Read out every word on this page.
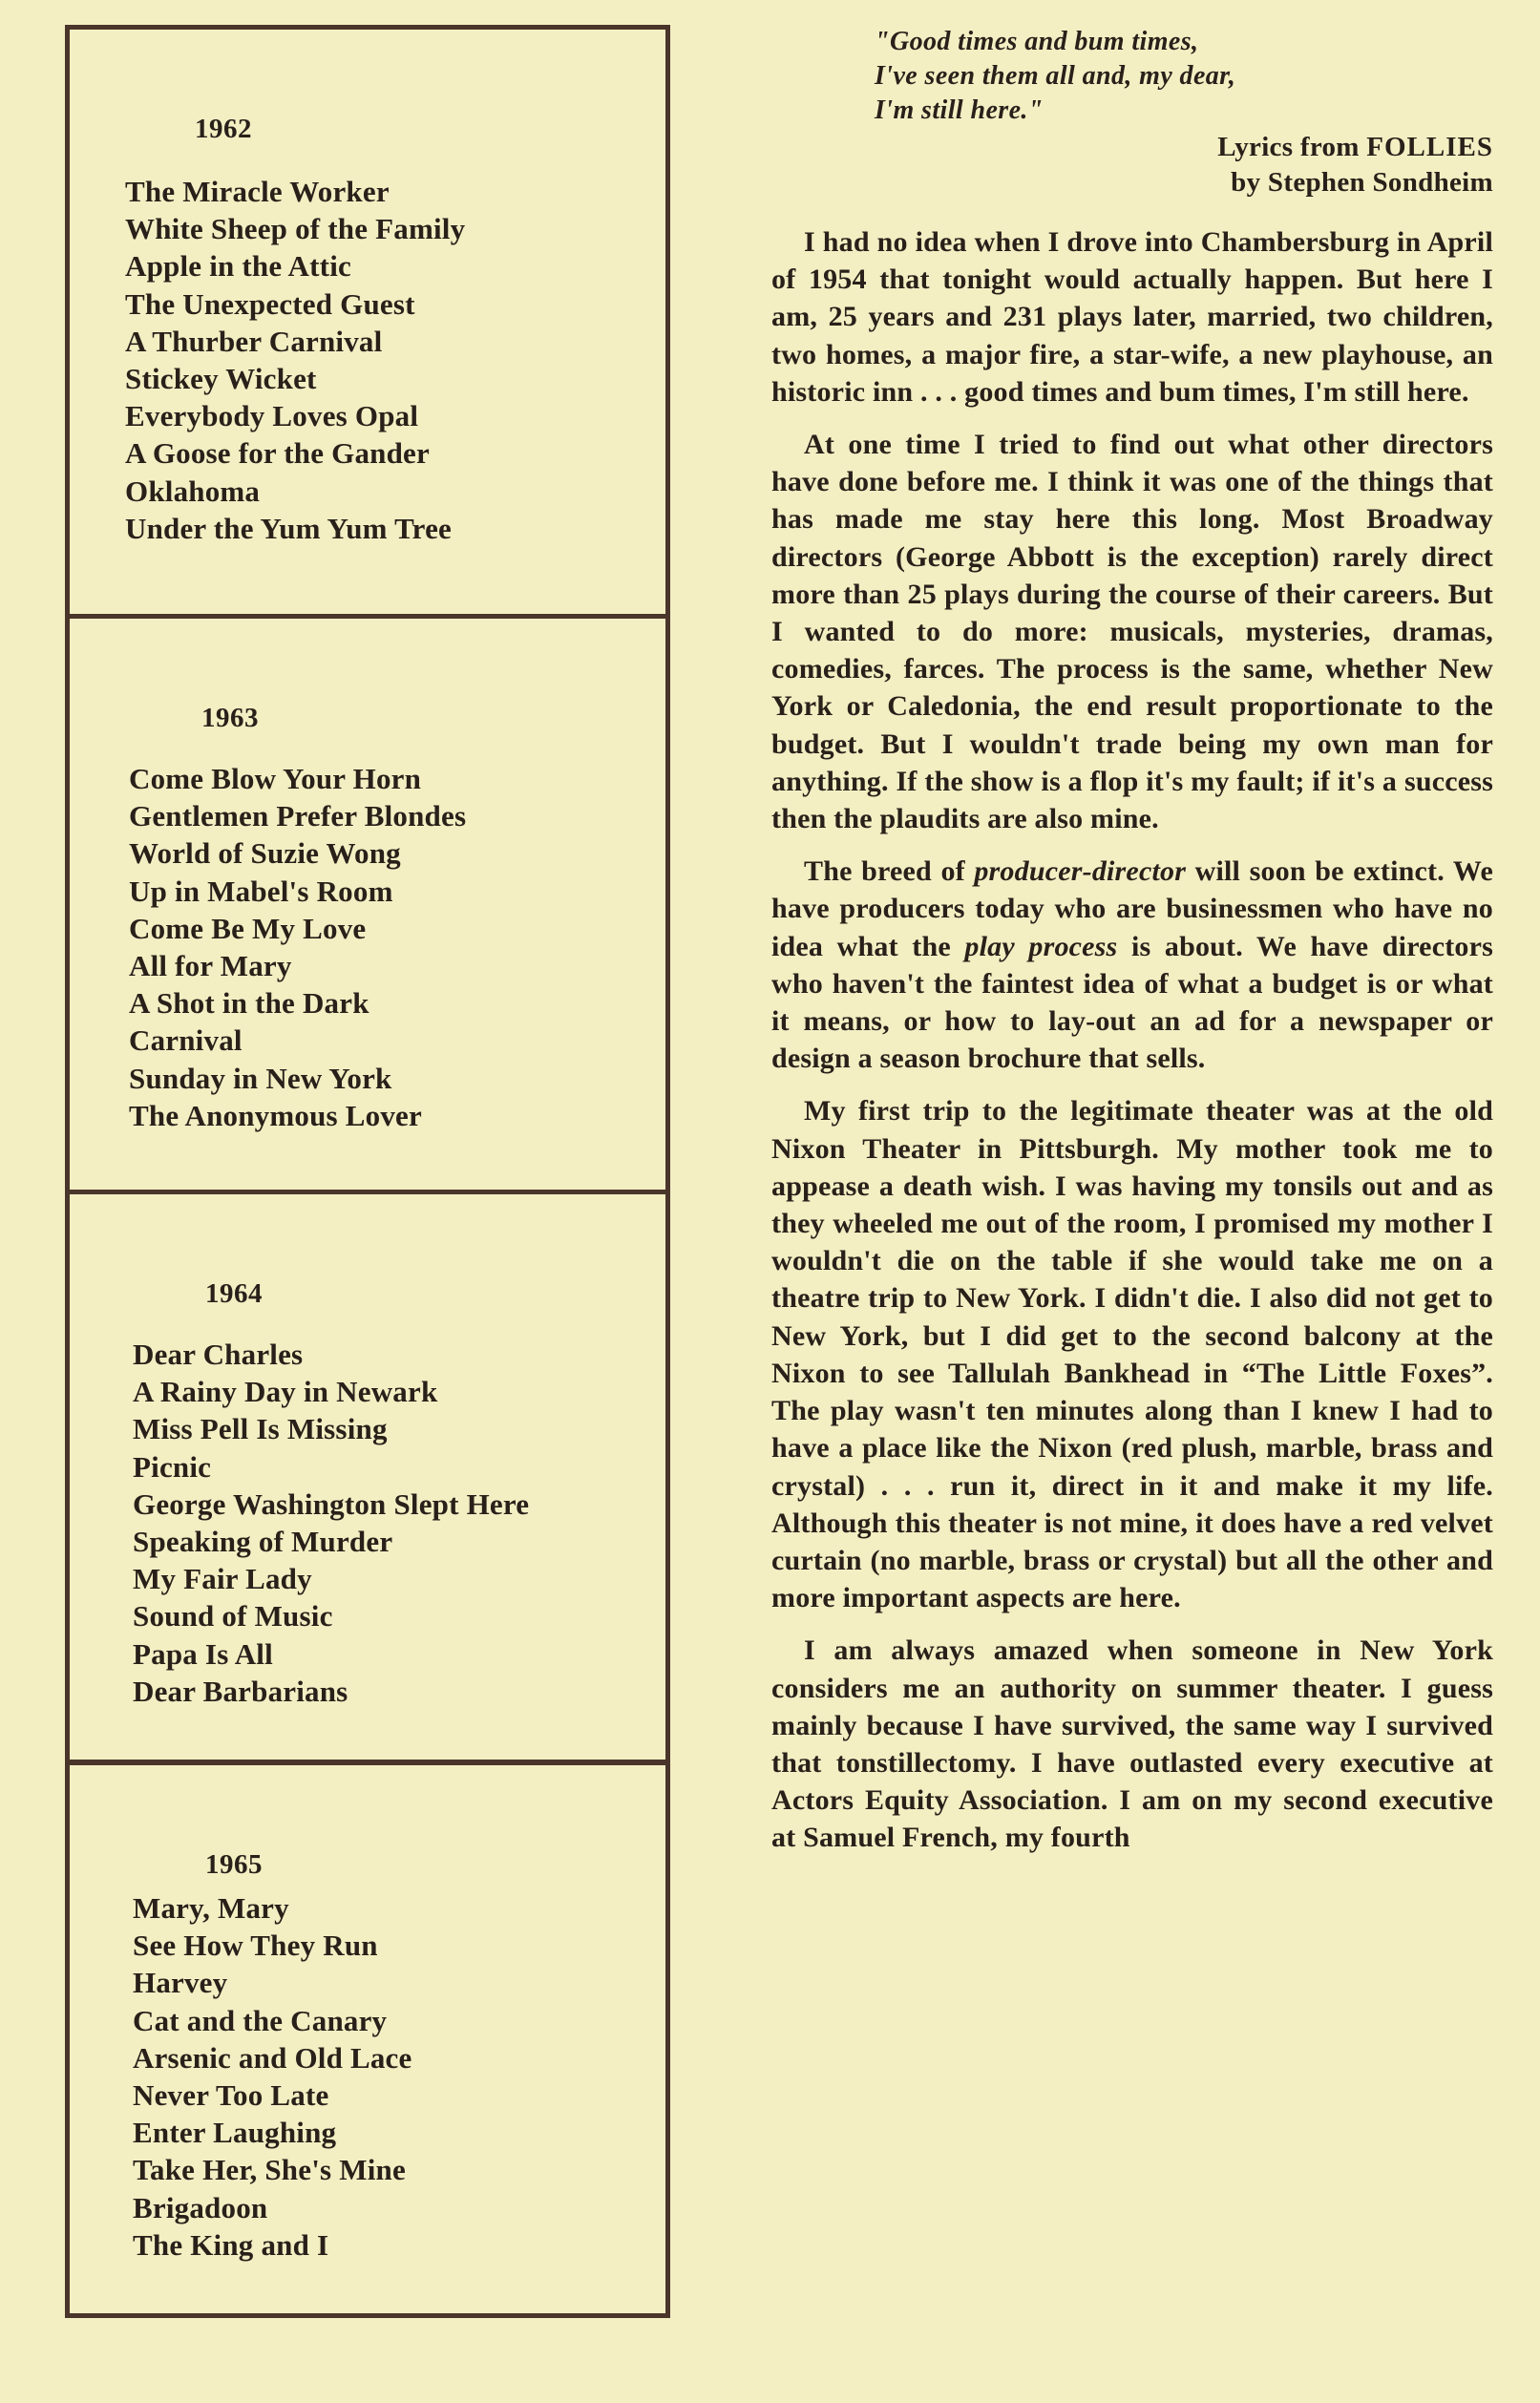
1962
The Miracle Worker
White Sheep of the Family
Apple in the Attic
The Unexpected Guest
A Thurber Carnival
Stickey Wicket
Everybody Loves Opal
A Goose for the Gander
Oklahoma
Under the Yum Yum Tree
1963
Come Blow Your Horn
Gentlemen Prefer Blondes
World of Suzie Wong
Up in Mabel's Room
Come Be My Love
All for Mary
A Shot in the Dark
Carnival
Sunday in New York
The Anonymous Lover
1964
Dear Charles
A Rainy Day in Newark
Miss Pell Is Missing
Picnic
George Washington Slept Here
Speaking of Murder
My Fair Lady
Sound of Music
Papa Is All
Dear Barbarians
1965
Mary, Mary
See How They Run
Harvey
Cat and the Canary
Arsenic and Old Lace
Never Too Late
Enter Laughing
Take Her, She's Mine
Brigadoon
The King and I
"Good times and bum times,
I've seen them all and, my dear,
I'm still here."
Lyrics from FOLLIES
by Stephen Sondheim

I had no idea when I drove into Chambersburg in April of 1954 that tonight would actually happen. But here I am, 25 years and 231 plays later, married, two children, two homes, a major fire, a star-wife, a new playhouse, an historic inn . . . good times and bum times, I'm still here.

At one time I tried to find out what other directors have done before me. I think it was one of the things that has made me stay here this long. Most Broadway directors (George Abbott is the exception) rarely direct more than 25 plays during the course of their careers. But I wanted to do more: musicals, mysteries, dramas, comedies, farces. The process is the same, whether New York or Caledonia, the end result proportionate to the budget. But I wouldn't trade being my own man for anything. If the show is a flop it's my fault; if it's a success then the plaudits are also mine.

The breed of producer-director will soon be extinct. We have producers today who are businessmen who have no idea what the play process is about. We have directors who haven't the faintest idea of what a budget is or what it means, or how to lay-out an ad for a newspaper or design a season brochure that sells.

My first trip to the legitimate theater was at the old Nixon Theater in Pittsburgh. My mother took me to appease a death wish. I was having my tonsils out and as they wheeled me out of the room, I promised my mother I wouldn't die on the table if she would take me on a theatre trip to New York. I didn't die. I also did not get to New York, but I did get to the second balcony at the Nixon to see Tallulah Bankhead in “The Little Foxes”. The play wasn't ten minutes along than I knew I had to have a place like the Nixon (red plush, marble, brass and crystal) . . . run it, direct in it and make it my life. Although this theater is not mine, it does have a red velvet curtain (no marble, brass or crystal) but all the other and more important aspects are here.

I am always amazed when someone in New York considers me an authority on summer theater. I guess mainly because I have survived, the same way I survived that tonstillectomy. I have outlasted every executive at Actors Equity Association. I am on my second executive at Samuel French, my fourth
